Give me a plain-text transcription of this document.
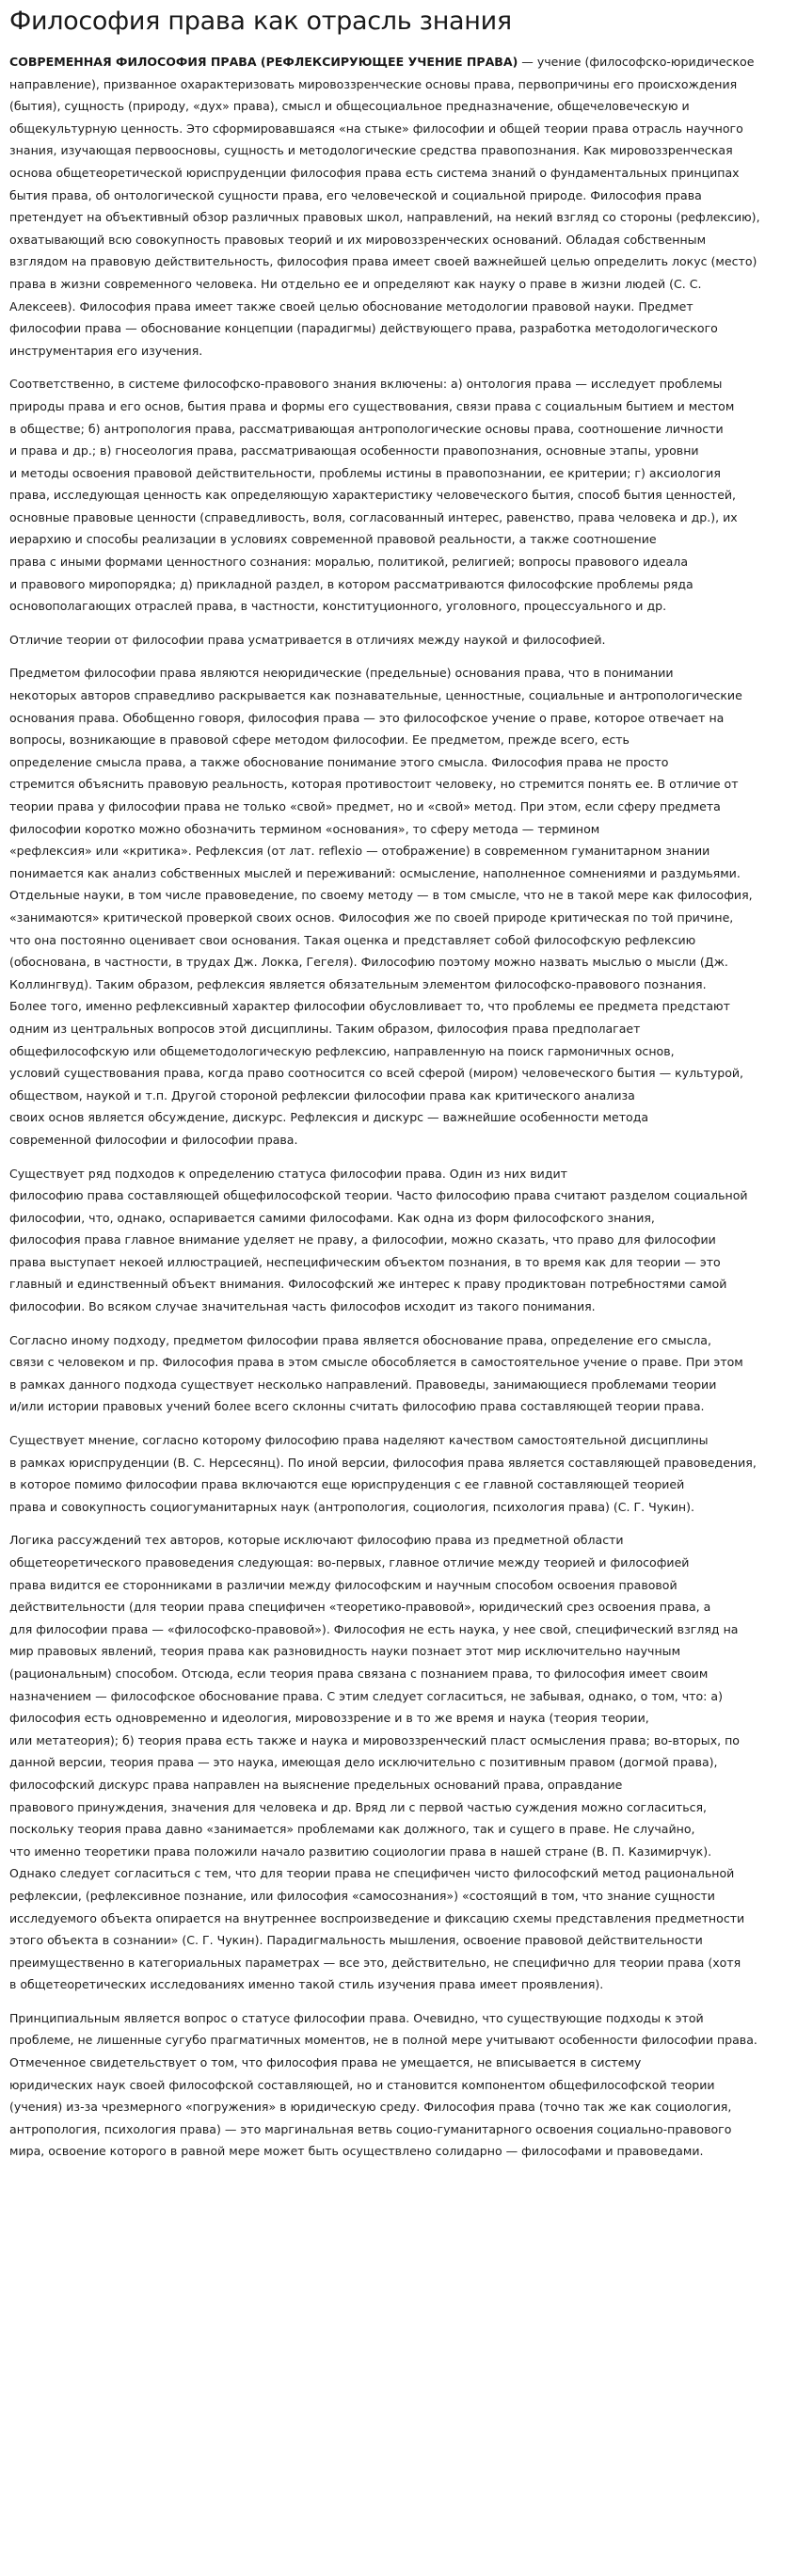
Философия права как отрасль знания
СОВРЕМЕННАЯ ФИЛОСОФИЯ ПРАВА (РЕФЛЕКСИРУЮЩЕЕ УЧЕНИЕ ПРАВА) — учение (философско-юридическое
направление), призванное охарактеризовать мировоззренческие основы права, первопричины его происхождения
(бытия), сущность (природу, «дух» права), смысл и общесоциальное предназначение, общечеловеческую и
общекультурную ценность. Это сформировавшаяся «на стыке» философии и общей теории права отрасль научного
знания, изучающая первоосновы, сущность и методологические средства правопознания. Как мировоззренческая
основа общетеоретической юриспруденции философия права есть система знаний о фундаментальных принципах
бытия права, об онтологической сущности права, его человеческой и социальной природе. Философия права
претендует на объективный обзор различных правовых школ, направлений, на некий взгляд со стороны (рефлексию),
охватывающий всю совокупность правовых теорий и их мировоззренческих оснований. Обладая собственным
взглядом на правовую действительность, философия права имеет своей важнейшей целью определить локус (место)
права в жизни современного человека. Ни отдельно ее и определяют как науку о праве в жизни людей (С. С.
Алексеев). Философия права имеет также своей целью обоснование методологии правовой науки. Предмет
философии права — обоснование концепции (парадигмы) действующего права, разработка методологического
инструментария его изучения.
Соответственно, в системе философско-правового знания включены: а) онтология права — исследует проблемы
природы права и его основ, бытия права и формы его существования, связи права с социальным бытием и местом
в обществе; б) антропология права, рассматривающая антропологические основы права, соотношение личности
и права и др.; в) гносеология права, рассматривающая особенности правопознания, основные этапы, уровни
и методы освоения правовой действительности, проблемы истины в правопознании, ее критерии; г) аксиология
права, исследующая ценность как определяющую характеристику человеческого бытия, способ бытия ценностей,
основные правовые ценности (справедливость, воля, согласованный интерес, равенство, права человека и др.), их
иерархию и способы реализации в условиях современной правовой реальности, а также соотношение
права с иными формами ценностного сознания: моралью, политикой, религией; вопросы правового идеала
и правового миропорядка; д) прикладной раздел, в котором рассматриваются философские проблемы ряда
основополагающих отраслей права, в частности, конституционного, уголовного, процессуального и др.
Отличие теории от философии права усматривается в отличиях между наукой и философией.
Предметом философии права являются неюридические (предельные) основания права, что в понимании
некоторых авторов справедливо раскрывается как познавательные, ценностные, социальные и антропологические
основания права. Обобщенно говоря, философия права — это философское учение о праве, которое отвечает на
вопросы, возникающие в правовой сфере методом философии. Ее предметом, прежде всего, есть
определение смысла права, а также обоснование понимание этого смысла. Философия права не просто
стремится объяснить правовую реальность, которая противостоит человеку, но стремится понять ее. В отличие от
теории права у философии права не только «свой» предмет, но и «свой» метод. При этом, если сферу предмета
философии коротко можно обозначить термином «основания», то сферу метода — термином
«рефлексия» или «критика». Рефлексия (от лат. reflexio — отображение) в современном гуманитарном знании
понимается как анализ собственных мыслей и переживаний: осмысление, наполненное сомнениями и раздумьями.
Отдельные науки, в том числе правоведение, по своему методу — в том смысле, что не в такой мере как философия,
«занимаются» критической проверкой своих основ. Философия же по своей природе критическая по той причине,
что она постоянно оценивает свои основания. Такая оценка и представляет собой философскую рефлексию
(обоснована, в частности, в трудах Дж. Локка, Гегеля). Философию поэтому можно назвать мыслью о мысли (Дж.
Коллингвуд). Таким образом, рефлексия является обязательным элементом философско-правового познания.
Более того, именно рефлексивный характер философии обусловливает то, что проблемы ее предмета предстают
одним из центральных вопросов этой дисциплины. Таким образом, философия права предполагает
общефилософскую или общеметодологическую рефлексию, направленную на поиск гармоничных основ,
условий существования права, когда право соотносится со всей сферой (миром) человеческого бытия — культурой,
обществом, наукой и т.п. Другой стороной рефлексии философии права как критического анализа
своих основ является обсуждение, дискурс. Рефлексия и дискурс — важнейшие особенности метода
современной философии и философии права.
Существует ряд подходов к определению статуса философии права. Один из них видит
философию права составляющей общефилософской теории. Часто философию права считают разделом социальной
философии, что, однако, оспаривается самими философами. Как одна из форм философского знания,
философия права главное внимание уделяет не праву, а философии, можно сказать, что право для философии
права выступает некоей иллюстрацией, неспецифическим объектом познания, в то время как для теории — это
главный и единственный объект внимания. Философский же интерес к праву продиктован потребностями самой
философии. Во всяком случае значительная часть философов исходит из такого понимания.
Согласно иному подходу, предметом философии права является обоснование права, определение его смысла,
связи с человеком и пр. Философия права в этом смысле обособляется в самостоятельное учение о праве. При этом
в рамках данного подхода существует несколько направлений. Правоведы, занимающиеся проблемами теории
и/или истории правовых учений более всего склонны считать философию права составляющей теории права.
Существует мнение, согласно которому философию права наделяют качеством самостоятельной дисциплины
в рамках юриспруденции (В. С. Нерсесянц). По иной версии, философия права является составляющей правоведения,
в которое помимо философии права включаются еще юриспруденция с ее главной составляющей теорией
права и совокупность социогуманитарных наук (антропология, социология, психология права) (С. Г. Чукин).
Логика рассуждений тех авторов, которые исключают философию права из предметной области
общетеоретического правоведения следующая: во-первых, главное отличие между теорией и философией
права видится ее сторонниками в различии между философским и научным способом освоения правовой
действительности (для теории права специфичен «теоретико-правовой», юридический срез освоения права, а
для философии права — «философско-правовой»). Философия не есть наука, у нее свой, специфический взгляд на
мир правовых явлений, теория права как разновидность науки познает этот мир исключительно научным
(рациональным) способом. Отсюда, если теория права связана с познанием права, то философия имеет своим
назначением — философское обоснование права. С этим следует согласиться, не забывая, однако, о том, что: а)
философия есть одновременно и идеология, мировоззрение и в то же время и наука (теория теории,
или метатеория); б) теория права есть также и наука и мировоззренческий пласт осмысления права; во-вторых, по
данной версии, теория права — это наука, имеющая дело исключительно с позитивным правом (догмой права),
философский дискурс права направлен на выяснение предельных оснований права, оправдание
правового принуждения, значения для человека и др. Вряд ли с первой частью суждения можно согласиться,
поскольку теория права давно «занимается» проблемами как должного, так и сущего в праве. Не случайно,
что именно теоретики права положили начало развитию социологии права в нашей стране (В. П. Казимирчук).
Однако следует согласиться с тем, что для теории права не специфичен чисто философский метод рациональной
рефлексии, (рефлексивное познание, или философия «самосознания») «состоящий в том, что знание сущности
исследуемого объекта опирается на внутреннее воспроизведение и фиксацию схемы представления предметности
этого объекта в сознании» (С. Г. Чукин). Парадигмальность мышления, освоение правовой действительности
преимущественно в категориальных параметрах — все это, действительно, не специфично для теории права (хотя
в общетеоретических исследованиях именно такой стиль изучения права имеет проявления).
Принципиальным является вопрос о статусе философии права. Очевидно, что существующие подходы к этой
проблеме, не лишенные сугубо прагматичных моментов, не в полной мере учитывают особенности философии права.
Отмеченное свидетельствует о том, что философия права не умещается, не вписывается в систему
юридических наук своей философской составляющей, но и становится компонентом общефилософской теории
(учения) из-за чрезмерного «погружения» в юридическую среду. Философия права (точно так же как социология,
антропология, психология права) — это маргинальная ветвь социо-гуманитарного освоения социально-правового
мира, освоение которого в равной мере может быть осуществлено солидарно — философами и правоведами.
